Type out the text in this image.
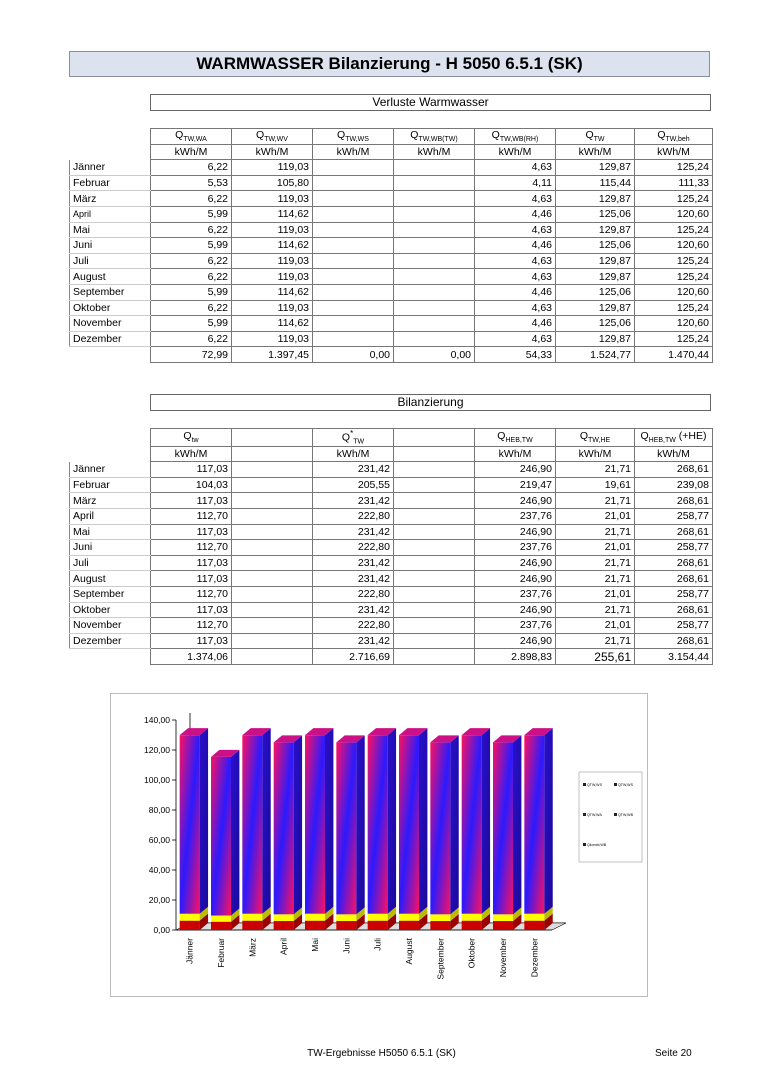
WARMWASSER Bilanzierung - H 5050 6.5.1 (SK)
Verluste Warmwasser
	$Q_{TW,WA}$	$Q_{TW,WV}$	$Q_{TW,WS}$	$Q_{TW,WB(TW)}$	$Q_{TW,WB(RH)}$	$Q_{TW}$	$Q_{TW,beh}$
	kWh/M	kWh/M	kWh/M	kWh/M	kWh/M	kWh/M	kWh/M
Jänner	6,22	119,03			4,63	129,87	125,24
Februar	5,53	105,80			4,11	115,44	111,33
März	6,22	119,03			4,63	129,87	125,24
April	5,99	114,62			4,46	125,06	120,60
Mai	6,22	119,03			4,63	129,87	125,24
Juni	5,99	114,62			4,46	125,06	120,60
Juli	6,22	119,03			4,63	129,87	125,24
August	6,22	119,03			4,63	129,87	125,24
September	5,99	114,62			4,46	125,06	120,60
Oktober	6,22	119,03			4,63	129,87	125,24
November	5,99	114,62			4,46	125,06	120,60
Dezember	6,22	119,03			4,63	129,87	125,24
	72,99	1.397,45	0,00	0,00	54,33	1.524,77	1.470,44
Bilanzierung
	$Q_{tw}$		$Q^*_{TW}$		$Q_{HEB,TW}$	$Q_{TW,HE}$	$Q_{HEB,TW}$ (+HE)
	kWh/M		kWh/M		kWh/M	kWh/M	kWh/M
Jänner	117,03		231,42		246,90	21,71	268,61
Februar	104,03		205,55		219,47	19,61	239,08
März	117,03		231,42		246,90	21,71	268,61
April	112,70		222,80		237,76	21,01	258,77
Mai	117,03		231,42		246,90	21,71	268,61
Juni	112,70		222,80		237,76	21,01	258,77
Juli	117,03		231,42		246,90	21,71	268,61
August	117,03		231,42		246,90	21,71	268,61
September	112,70		222,80		237,76	21,01	258,77
Oktober	117,03		231,42		246,90	21,71	268,61
November	112,70		222,80		237,76	21,01	258,77
Dezember	117,03		231,42		246,90	21,71	268,61
	1.374,06		2.716,69		2.898,83	255,61	3.154,44
0,00
20,00
40,00
60,00
80,00
100,00
120,00
140,00
Jänner	Februar	März	April	Mai	Juni	Juli	August	September	Oktober	November	Dezember
QTW,WS	QTW,WS
QTW,WA	QTW,WB
Qkombi,WB
TW-Ergebnisse H5050 6.5.1 (SK)	Seite 20
